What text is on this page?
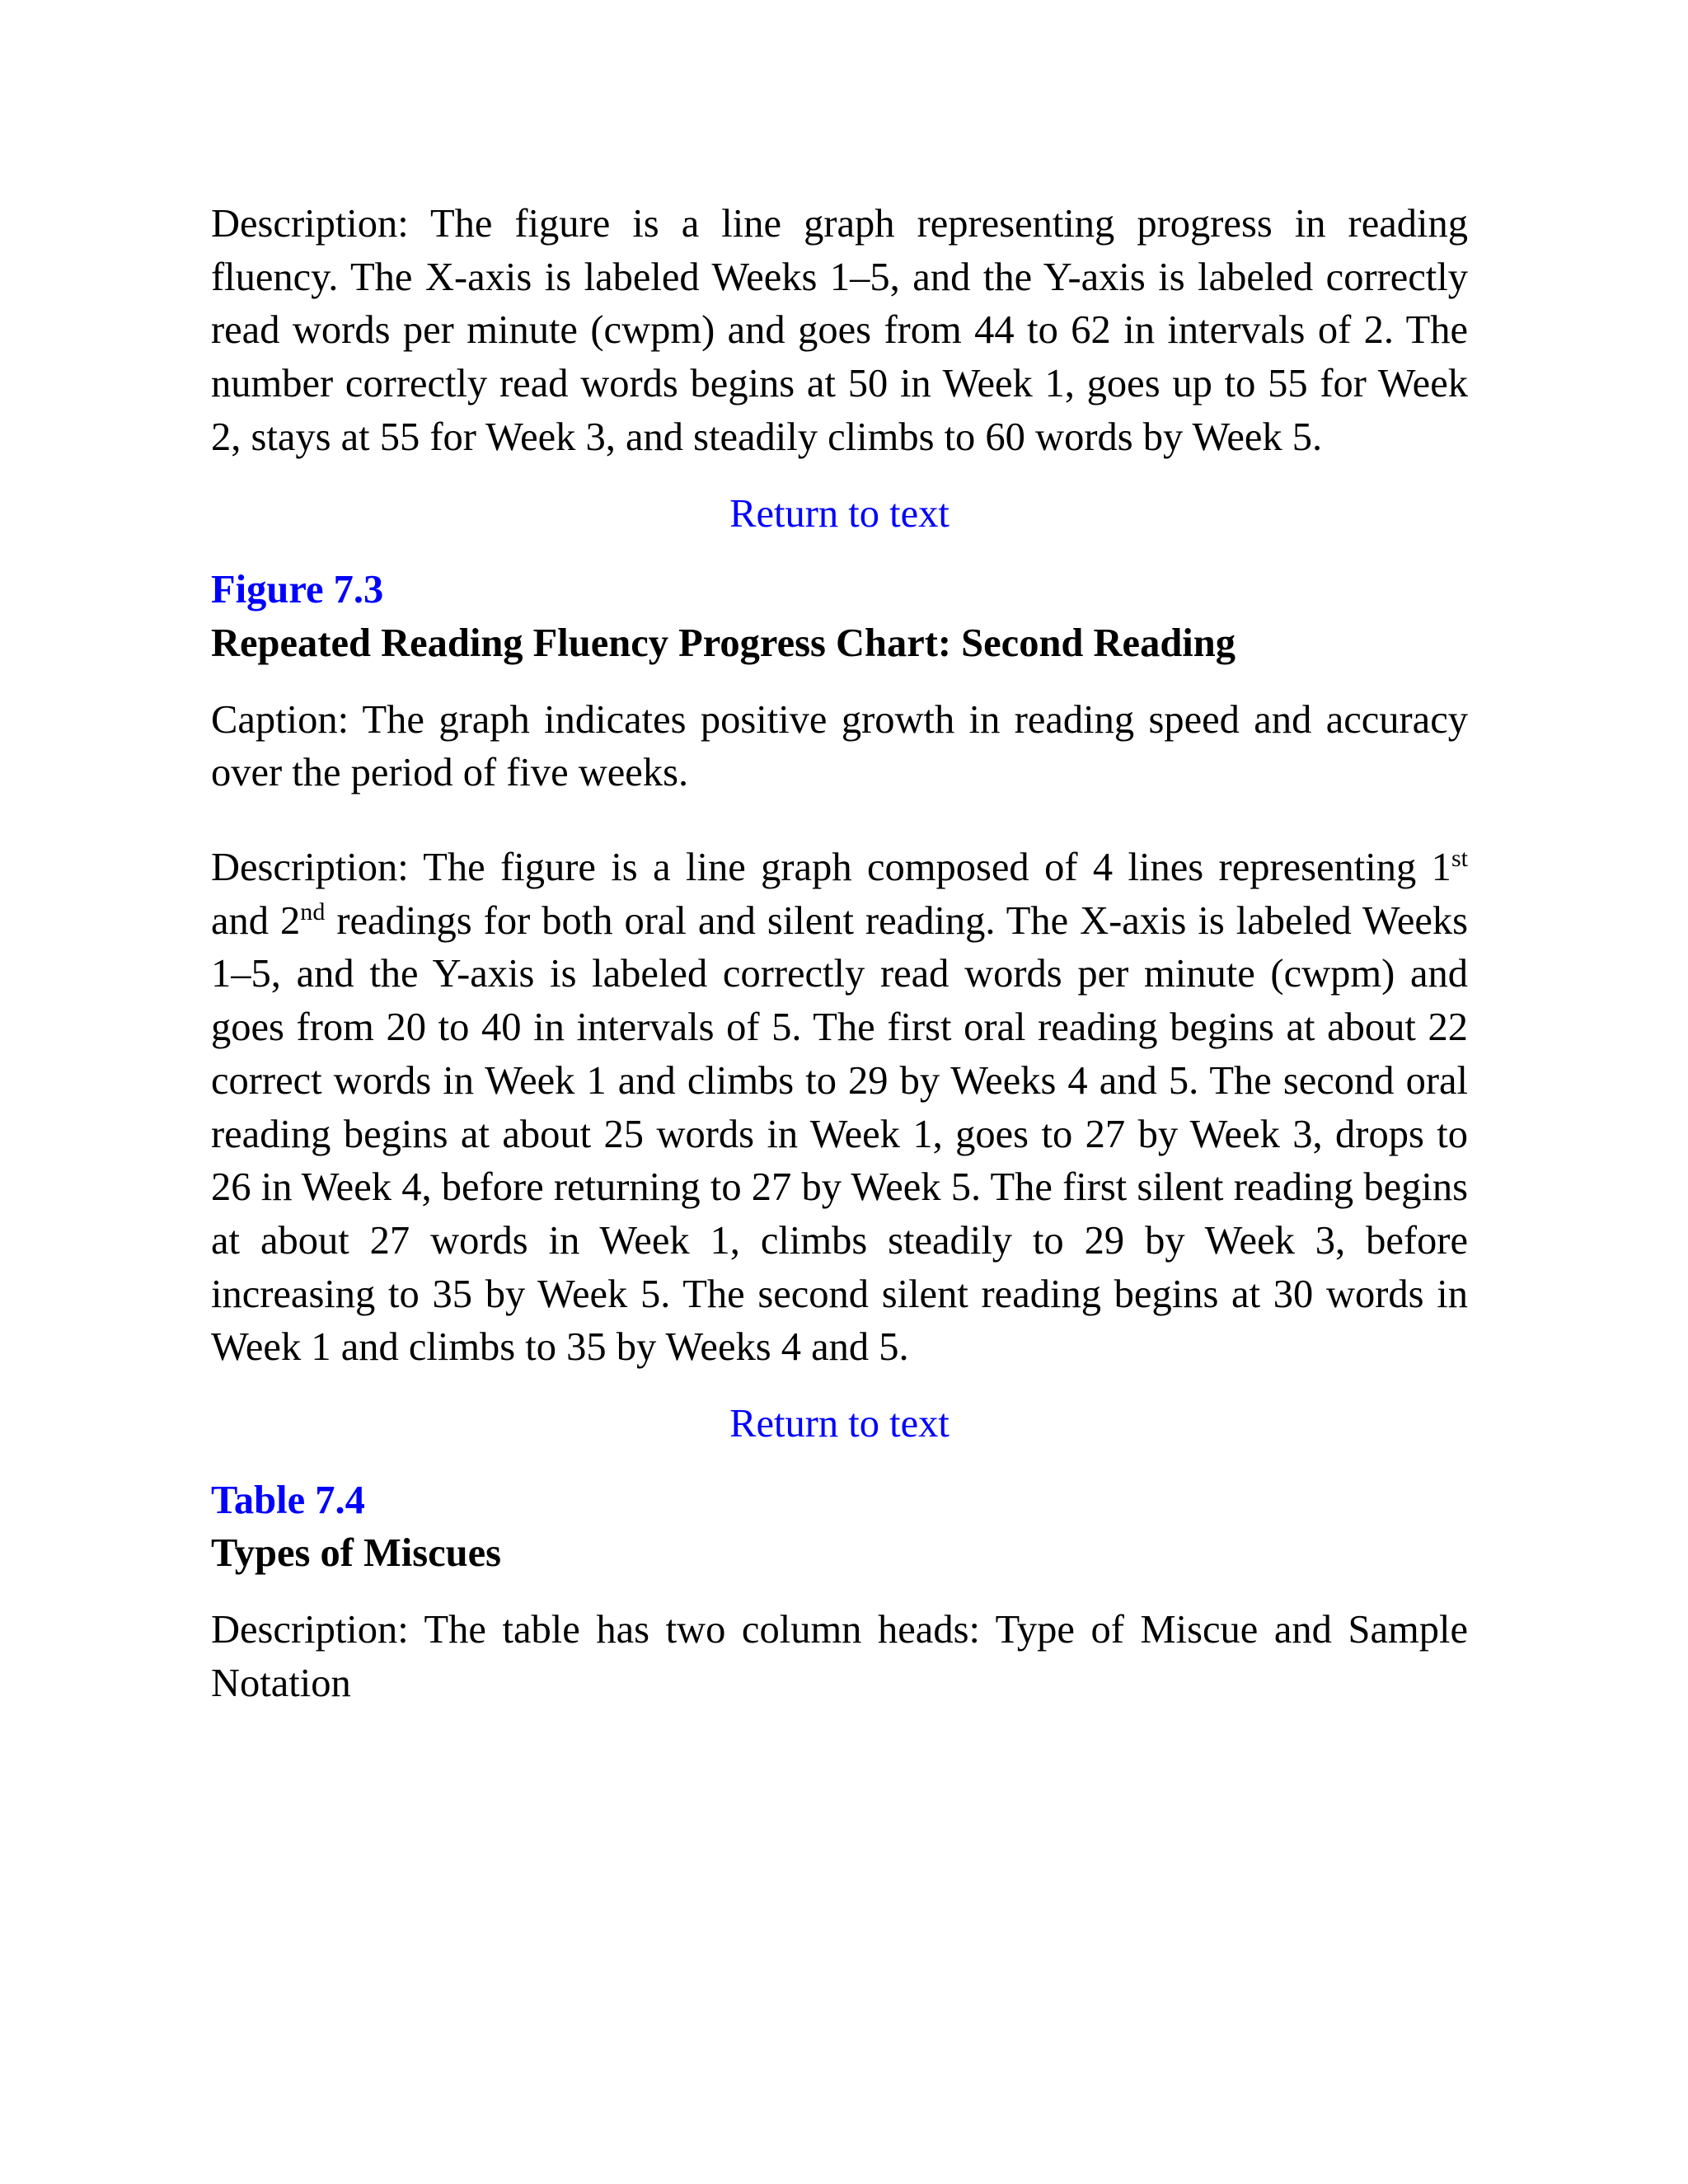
Description: The figure is a line graph representing progress in reading fluency. The X-axis is labeled Weeks 1–5, and the Y-axis is labeled correctly read words per minute (cwpm) and goes from 44 to 62 in intervals of 2. The number correctly read words begins at 50 in Week 1, goes up to 55 for Week 2, stays at 55 for Week 3, and steadily climbs to 60 words by Week 5.

Return to text
Figure 7.3

Repeated Reading Fluency Progress Chart: Second Reading

Caption: The graph indicates positive growth in reading speed and accuracy over the period of five weeks.

Description: The figure is a line graph composed of 4 lines representing 1st and 2nd readings for both oral and silent reading. The X-axis is labeled Weeks 1–5, and the Y-axis is labeled correctly read words per minute (cwpm) and goes from 20 to 40 in intervals of 5. The first oral reading begins at about 22 correct words in Week 1 and climbs to 29 by Weeks 4 and 5. The second oral reading begins at about 25 words in Week 1, goes to 27 by Week 3, drops to 26 in Week 4, before returning to 27 by Week 5. The first silent reading begins at about 27 words in Week 1, climbs steadily to 29 by Week 3, before increasing to 35 by Week 5. The second silent reading begins at 30 words in Week 1 and climbs to 35 by Weeks 4 and 5.

Return to text
Table 7.4

Types of Miscues

Description: The table has two column heads: Type of Miscue and Sample Notation
